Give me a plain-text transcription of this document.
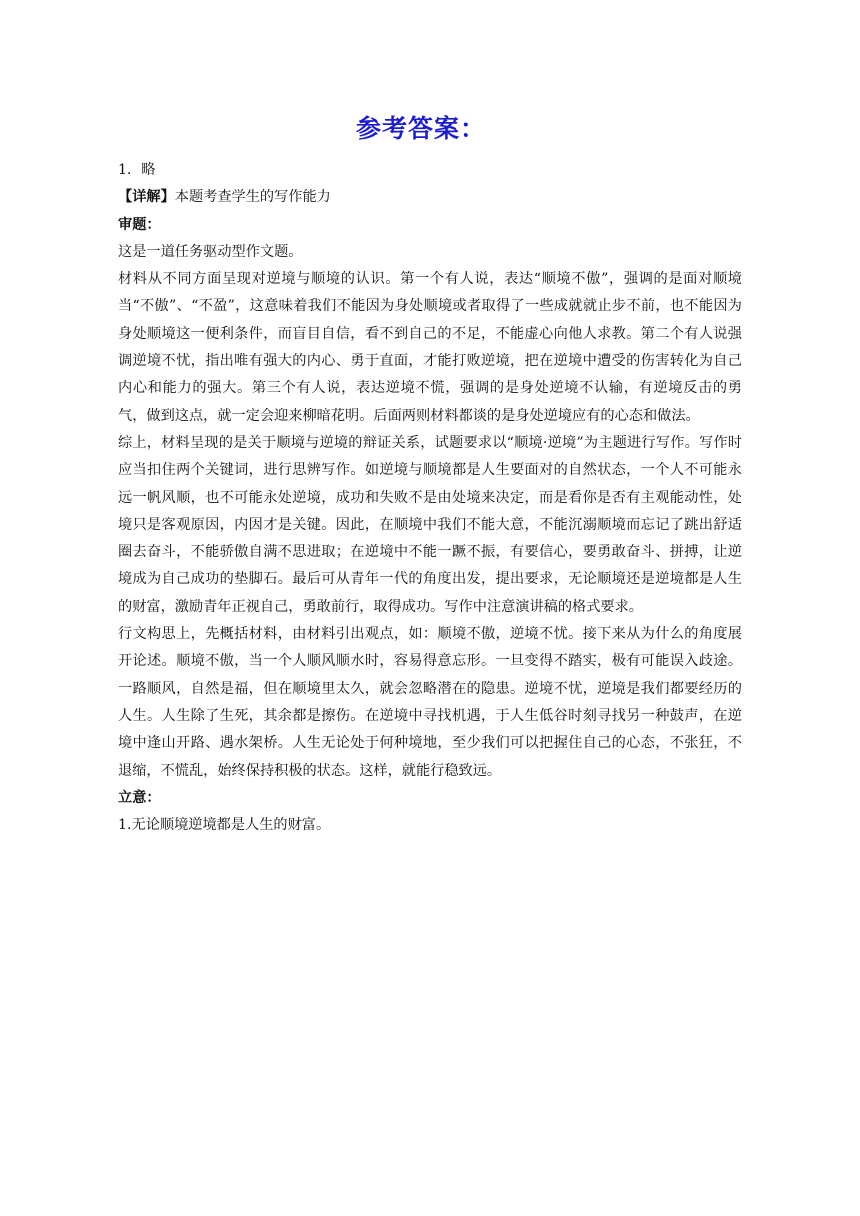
参考答案：

1．略

【详解】本题考查学生的写作能力

审题：

这是一道任务驱动型作文题。

材料从不同方面呈现对逆境与顺境的认识。第一个有人说，表达“顺境不傲”，强调的是面对顺境当“不傲”、“不盈”，这意味着我们不能因为身处顺境或者取得了一些成就就止步不前，也不能因为身处顺境这一便利条件，而盲目自信，看不到自己的不足，不能虚心向他人求教。第二个有人说强调逆境不忧，指出唯有强大的内心、勇于直面，才能打败逆境，把在逆境中遭受的伤害转化为自己内心和能力的强大。第三个有人说，表达逆境不慌，强调的是身处逆境不认输，有逆境反击的勇气，做到这点，就一定会迎来柳暗花明。后面两则材料都谈的是身处逆境应有的心态和做法。

综上，材料呈现的是关于顺境与逆境的辩证关系，试题要求以“顺境·逆境”为主题进行写作。写作时应当扣住两个关键词，进行思辨写作。如逆境与顺境都是人生要面对的自然状态，一个人不可能永远一帆风顺，也不可能永处逆境，成功和失败不是由处境来决定，而是看你是否有主观能动性，处境只是客观原因，内因才是关键。因此，在顺境中我们不能大意，不能沉溺顺境而忘记了跳出舒适圈去奋斗，不能骄傲自满不思进取；在逆境中不能一蹶不振，有要信心，要勇敢奋斗、拼搏，让逆境成为自己成功的垫脚石。最后可从青年一代的角度出发，提出要求，无论顺境还是逆境都是人生的财富，激励青年正视自己，勇敢前行，取得成功。写作中注意演讲稿的格式要求。

行文构思上，先概括材料，由材料引出观点，如：顺境不傲，逆境不忧。接下来从为什么的角度展开论述。顺境不傲，当一个人顺风顺水时，容易得意忘形。一旦变得不踏实，极有可能误入歧途。一路顺风，自然是福，但在顺境里太久，就会忽略潜在的隐患。逆境不忧，逆境是我们都要经历的人生。人生除了生死，其余都是擦伤。在逆境中寻找机遇，于人生低谷时刻寻找另一种鼓声，在逆境中逢山开路、遇水架桥。人生无论处于何种境地，至少我们可以把握住自己的心态，不张狂，不退缩，不慌乱，始终保持积极的状态。这样，就能行稳致远。

立意：

1.无论顺境逆境都是人生的财富。
